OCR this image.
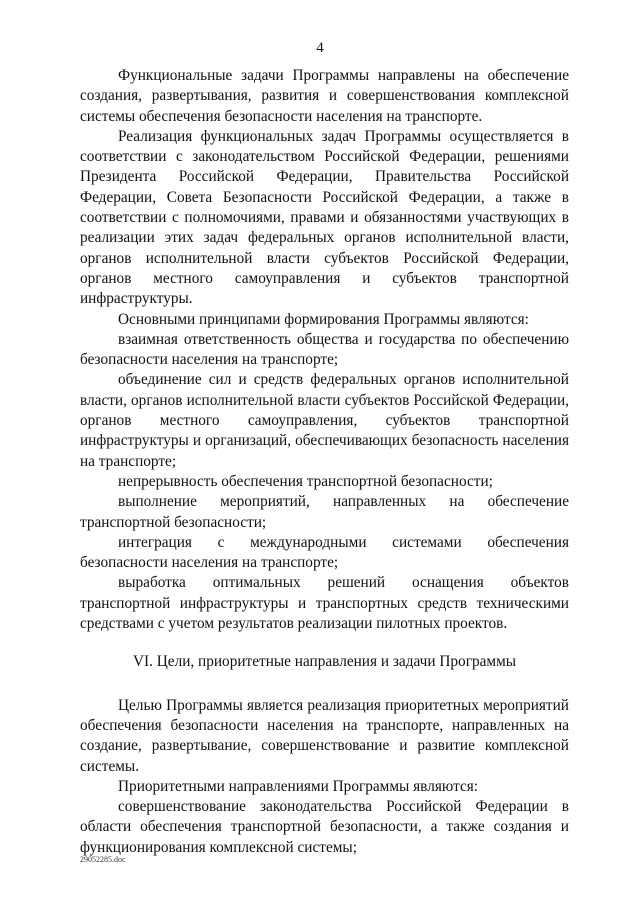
4

Функциональные задачи Программы направлены на обеспечение создания, развертывания, развития и совершенствования комплексной системы обеспечения безопасности населения на транспорте.

Реализация функциональных задач Программы осуществляется в соответствии с законодательством Российской Федерации, решениями Президента Российской Федерации, Правительства Российской Федерации, Совета Безопасности Российской Федерации, а также в соответствии с полномочиями, правами и обязанностями участвующих в реализации этих задач федеральных органов исполнительной власти, органов исполнительной власти субъектов Российской Федерации, органов местного самоуправления и субъектов транспортной инфраструктуры.

Основными принципами формирования Программы являются:

взаимная ответственность общества и государства по обеспечению безопасности населения на транспорте;

объединение сил и средств федеральных органов исполнительной власти, органов исполнительной власти субъектов Российской Федерации, органов местного самоуправления, субъектов транспортной инфраструктуры и организаций, обеспечивающих безопасность населения на транспорте;

непрерывность обеспечения транспортной безопасности;

выполнение мероприятий, направленных на обеспечение транспортной безопасности;

интеграция с международными системами обеспечения безопасности населения на транспорте;

выработка оптимальных решений оснащения объектов транспортной инфраструктуры и транспортных средств техническими средствами с учетом результатов реализации пилотных проектов.

VI. Цели, приоритетные направления и задачи Программы

Целью Программы является реализация приоритетных мероприятий обеспечения безопасности населения на транспорте, направленных на создание, развертывание, совершенствование и развитие комплексной системы.

Приоритетными направлениями Программы являются:

совершенствование законодательства Российской Федерации в области обеспечения транспортной безопасности, а также создания и функционирования комплексной системы;

29052285.doc
